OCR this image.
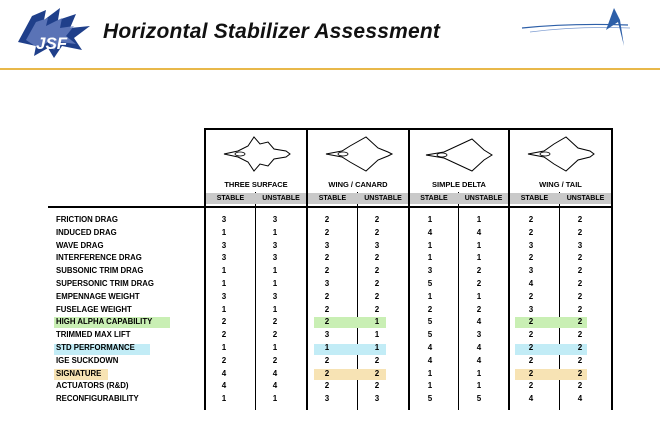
JSF
Horizontal Stabilizer Assessment
THREE SURFACE	WING / CANARD	SIMPLE DELTA	WING / TAIL
STABLE	UNSTABLE	STABLE	UNSTABLE	STABLE	UNSTABLE	STABLE	UNSTABLE
FRICTION DRAG	3	3	2	2	1	1	2	2
INDUCED DRAG	1	1	2	2	4	4	2	2
WAVE DRAG	3	3	3	3	1	1	3	3
INTERFERENCE DRAG	3	3	2	2	1	1	2	2
SUBSONIC TRIM DRAG	1	1	2	2	3	2	3	2
SUPERSONIC TRIM DRAG	1	1	3	2	5	2	4	2
EMPENNAGE WEIGHT	3	3	2	2	1	1	2	2
FUSELAGE WEIGHT	1	1	2	2	2	2	3	2
HIGH ALPHA CAPABILITY	2	2	2	1	5	4	2	2
TRIMMED MAX LIFT	2	2	3	1	5	3	2	2
STD PERFORMANCE	1	1	1	1	4	4	2	2
IGE SUCKDOWN	2	2	2	2	4	4	2	2
SIGNATURE	4	4	2	2	1	1	2	2
ACTUATORS (R&D)	4	4	2	2	1	1	2	2
RECONFIGURABILITY	1	1	3	3	5	5	4	4
